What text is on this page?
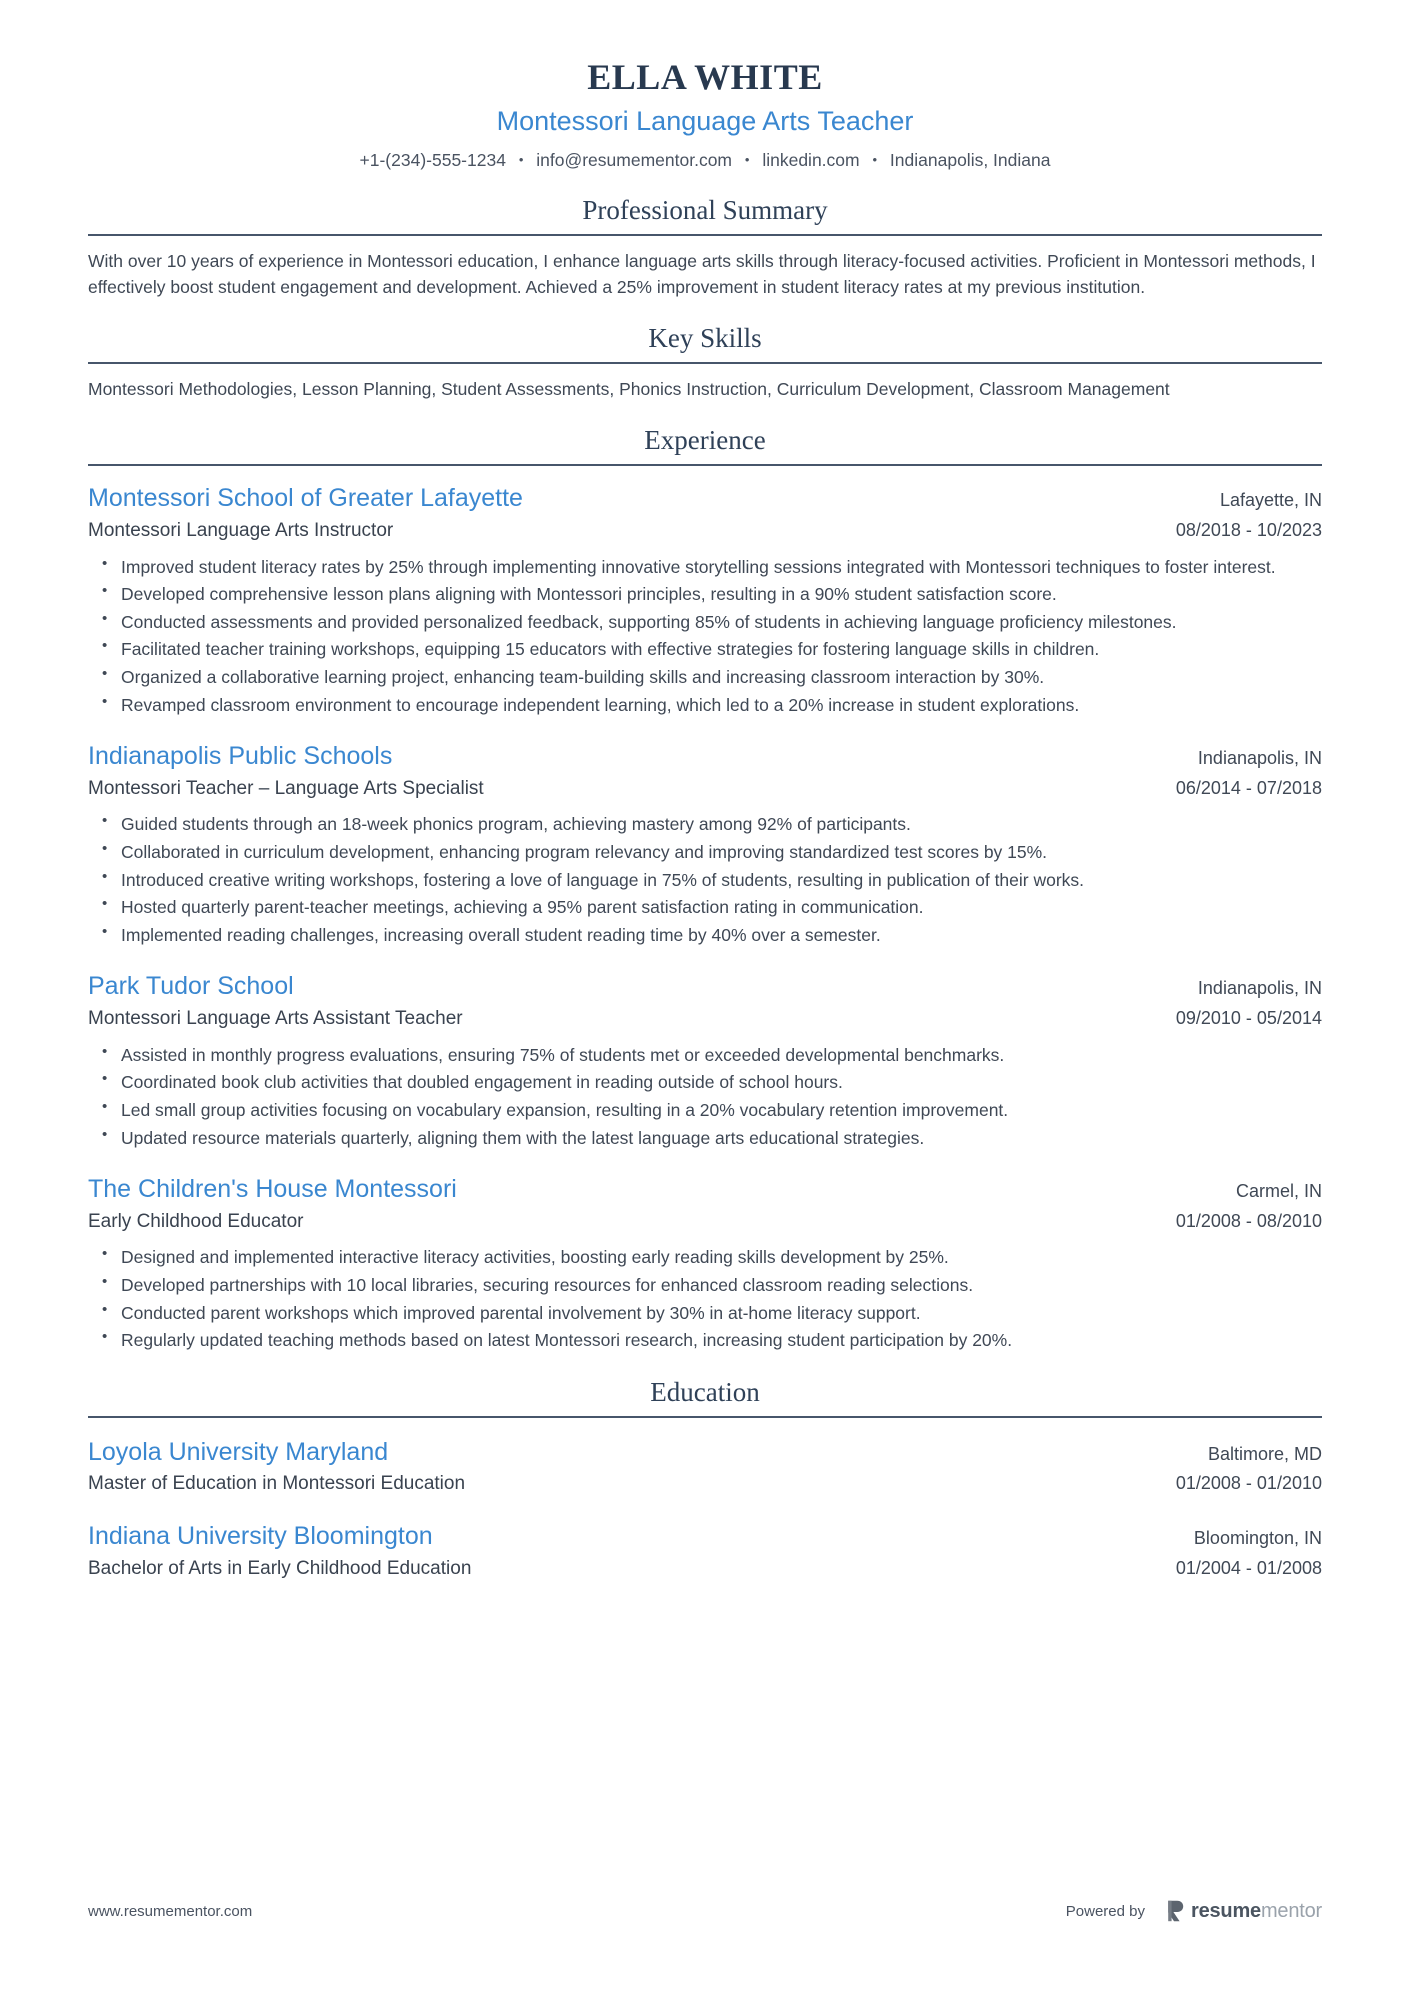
ELLA WHITE
Montessori Language Arts Teacher
+1-(234)-555-1234 • info@resumementor.com • linkedin.com • Indianapolis, Indiana
Professional Summary

With over 10 years of experience in Montessori education, I enhance language arts skills through literacy-focused activities. Proficient in Montessori methods, I effectively boost student engagement and development. Achieved a 25% improvement in student literacy rates at my previous institution.

Key Skills

Montessori Methodologies, Lesson Planning, Student Assessments, Phonics Instruction, Curriculum Development, Classroom Management

Experience
Montessori School of Greater Lafayette	Lafayette, IN
Montessori Language Arts Instructor	08/2018 - 10/2023
• Improved student literacy rates by 25% through implementing innovative storytelling sessions integrated with Montessori techniques to foster interest.
• Developed comprehensive lesson plans aligning with Montessori principles, resulting in a 90% student satisfaction score.
• Conducted assessments and provided personalized feedback, supporting 85% of students in achieving language proficiency milestones.
• Facilitated teacher training workshops, equipping 15 educators with effective strategies for fostering language skills in children.
• Organized a collaborative learning project, enhancing team-building skills and increasing classroom interaction by 30%.
• Revamped classroom environment to encourage independent learning, which led to a 20% increase in student explorations.
Indianapolis Public Schools	Indianapolis, IN
Montessori Teacher – Language Arts Specialist	06/2014 - 07/2018
• Guided students through an 18-week phonics program, achieving mastery among 92% of participants.
• Collaborated in curriculum development, enhancing program relevancy and improving standardized test scores by 15%.
• Introduced creative writing workshops, fostering a love of language in 75% of students, resulting in publication of their works.
• Hosted quarterly parent-teacher meetings, achieving a 95% parent satisfaction rating in communication.
• Implemented reading challenges, increasing overall student reading time by 40% over a semester.
Park Tudor School	Indianapolis, IN
Montessori Language Arts Assistant Teacher	09/2010 - 05/2014
• Assisted in monthly progress evaluations, ensuring 75% of students met or exceeded developmental benchmarks.
• Coordinated book club activities that doubled engagement in reading outside of school hours.
• Led small group activities focusing on vocabulary expansion, resulting in a 20% vocabulary retention improvement.
• Updated resource materials quarterly, aligning them with the latest language arts educational strategies.
The Children's House Montessori	Carmel, IN
Early Childhood Educator	01/2008 - 08/2010
• Designed and implemented interactive literacy activities, boosting early reading skills development by 25%.
• Developed partnerships with 10 local libraries, securing resources for enhanced classroom reading selections.
• Conducted parent workshops which improved parental involvement by 30% in at-home literacy support.
• Regularly updated teaching methods based on latest Montessori research, increasing student participation by 20%.
Education
Loyola University Maryland	Baltimore, MD
Master of Education in Montessori Education	01/2008 - 01/2010
Indiana University Bloomington	Bloomington, IN
Bachelor of Arts in Early Childhood Education	01/2004 - 01/2008
www.resumementor.com	Powered by resumementor
